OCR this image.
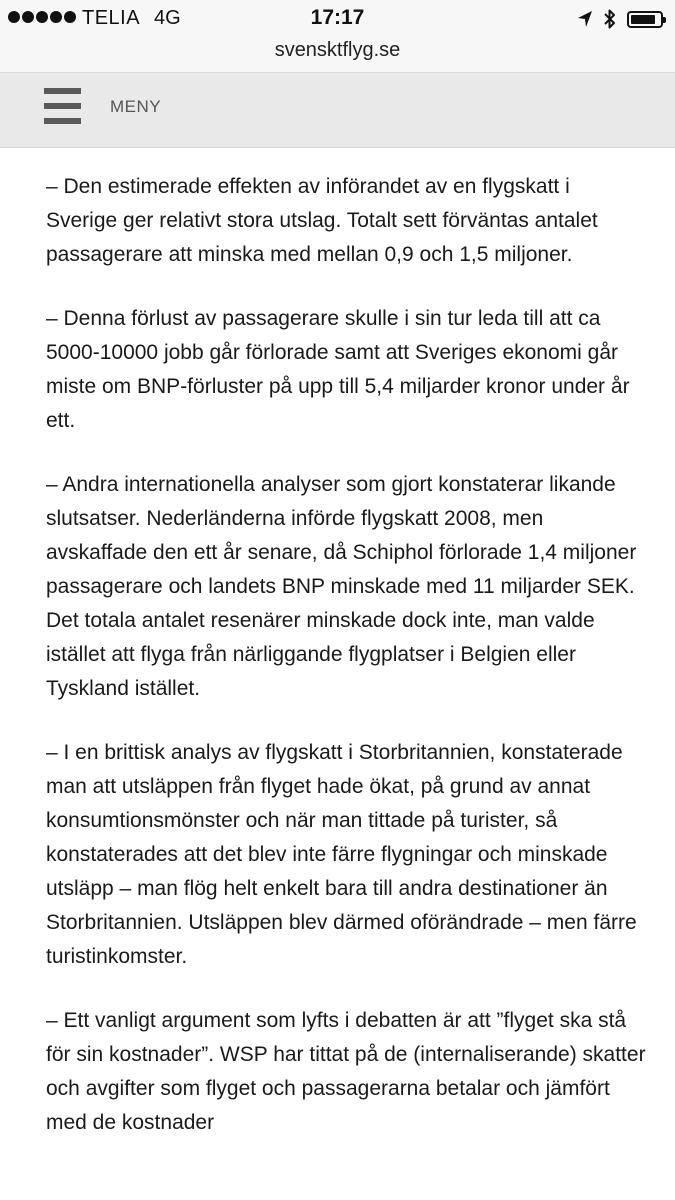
TELIA 4G	17:17
svensktflyg.se
MENY

– Den estimerade effekten av införandet av en flygskatt i Sverige ger relativt stora utslag. Totalt sett förväntas antalet passagerare att minska med mellan 0,9 och 1,5 miljoner.

– Denna förlust av passagerare skulle i sin tur leda till att ca 5000-10000 jobb går förlorade samt att Sveriges ekonomi går miste om BNP-förluster på upp till 5,4 miljarder kronor under år ett.

– Andra internationella analyser som gjort konstaterar likande slutsatser. Nederländerna införde flygskatt 2008, men avskaffade den ett år senare, då Schiphol förlorade 1,4 miljoner passagerare och landets BNP minskade med 11 miljarder SEK. Det totala antalet resenärer minskade dock inte, man valde istället att flyga från närliggande flygplatser i Belgien eller Tyskland istället.

– I en brittisk analys av flygskatt i Storbritannien, konstaterade man att utsläppen från flyget hade ökat, på grund av annat konsumtionsmönster och när man tittade på turister, så konstaterades att det blev inte färre flygningar och minskade utsläpp – man flög helt enkelt bara till andra destinationer än Storbritannien. Utsläppen blev därmed oförändrade – men färre turistinkomster.

– Ett vanligt argument som lyfts i debatten är att ”flyget ska stå för sin kostnader”. WSP har tittat på de (internaliserande) skatter och avgifter som flyget och passagerarna betalar och jämfört med de kostnader
